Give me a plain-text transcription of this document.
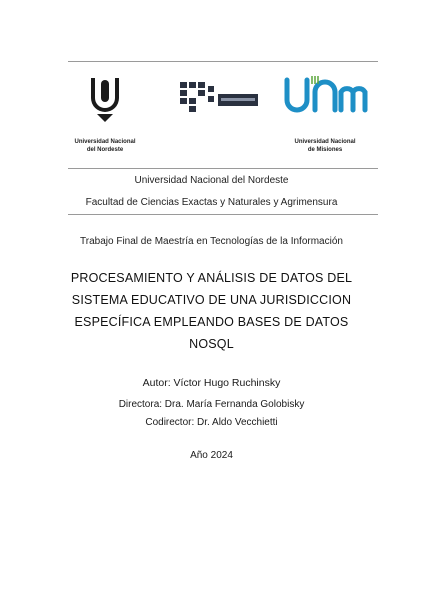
Universidad Nacional
del Nordeste
Universidad Nacional
de Misiones
Universidad Nacional del Nordeste
Facultad de Ciencias Exactas y Naturales y Agrimensura
Trabajo Final de Maestría en Tecnologías de la Información
PROCESAMIENTO Y ANÁLISIS DE DATOS DEL
SISTEMA EDUCATIVO DE UNA JURISDICCION
ESPECÍFICA EMPLEANDO BASES DE DATOS
NOSQL
Autor: Víctor Hugo Ruchinsky
Directora: Dra. María Fernanda Golobisky
Codirector: Dr. Aldo Vecchietti
Año 2024
